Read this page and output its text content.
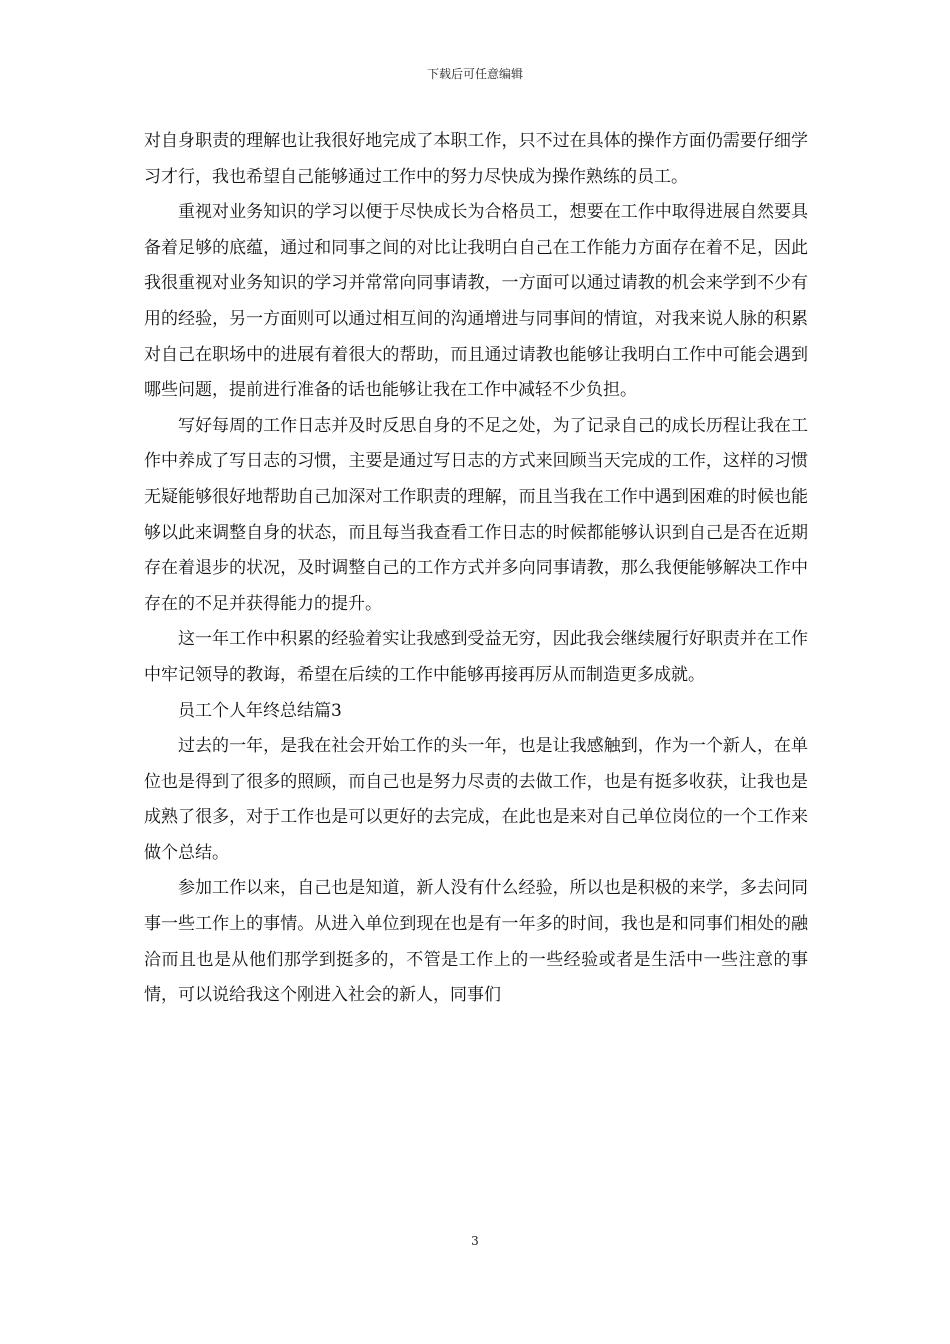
下载后可任意编辑

对自身职责的理解也让我很好地完成了本职工作，只不过在具体的操作方面仍需要仔细学习才行，我也希望自己能够通过工作中的努力尽快成为操作熟练的员工。

重视对业务知识的学习以便于尽快成长为合格员工，想要在工作中取得进展自然要具备着足够的底蕴，通过和同事之间的对比让我明白自己在工作能力方面存在着不足，因此我很重视对业务知识的学习并常常向同事请教，一方面可以通过请教的机会来学到不少有用的经验，另一方面则可以通过相互间的沟通增进与同事间的情谊，对我来说人脉的积累对自己在职场中的进展有着很大的帮助，而且通过请教也能够让我明白工作中可能会遇到哪些问题，提前进行准备的话也能够让我在工作中减轻不少负担。

写好每周的工作日志并及时反思自身的不足之处，为了记录自己的成长历程让我在工作中养成了写日志的习惯，主要是通过写日志的方式来回顾当天完成的工作，这样的习惯无疑能够很好地帮助自己加深对工作职责的理解，而且当我在工作中遇到困难的时候也能够以此来调整自身的状态，而且每当我查看工作日志的时候都能够认识到自己是否在近期存在着退步的状况，及时调整自己的工作方式并多向同事请教，那么我便能够解决工作中存在的不足并获得能力的提升。

这一年工作中积累的经验着实让我感到受益无穷，因此我会继续履行好职责并在工作中牢记领导的教诲，希望在后续的工作中能够再接再厉从而制造更多成就。

员工个人年终总结篇3

过去的一年，是我在社会开始工作的头一年，也是让我感触到，作为一个新人，在单位也是得到了很多的照顾，而自己也是努力尽责的去做工作，也是有挺多收获，让我也是成熟了很多，对于工作也是可以更好的去完成，在此也是来对自己单位岗位的一个工作来做个总结。

参加工作以来，自己也是知道，新人没有什么经验，所以也是积极的来学，多去问同事一些工作上的事情。从进入单位到现在也是有一年多的时间，我也是和同事们相处的融洽而且也是从他们那学到挺多的，不管是工作上的一些经验或者是生活中一些注意的事情，可以说给我这个刚进入社会的新人，同事们

3
